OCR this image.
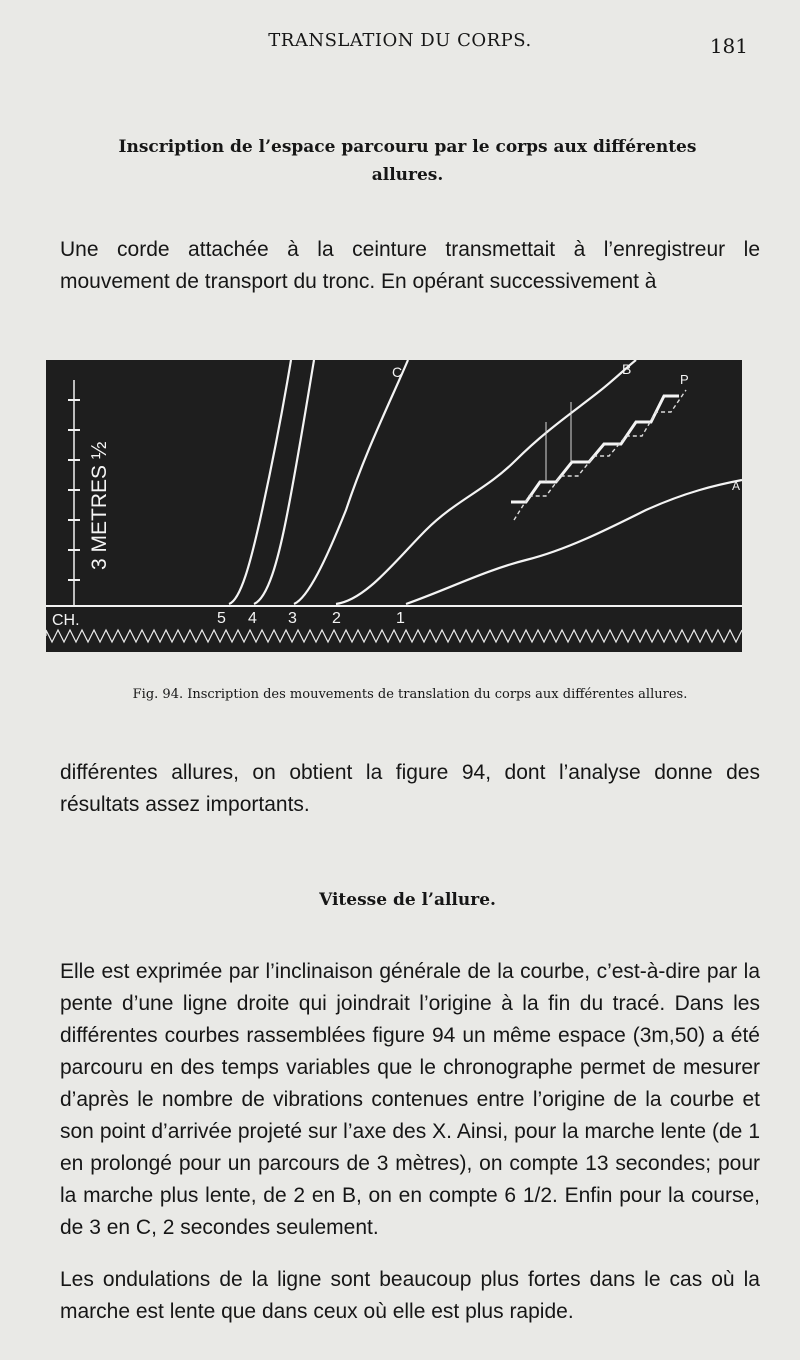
TRANSLATION DU CORPS.	181
Inscription de l’espace parcouru par le corps aux différentes
allures.
Une corde attachée à la ceinture transmettait à l’enregistreur le mouvement de transport du tronc. En opérant successivement à
3 METRES ½
CH.	5 4 3 2	1
C	B
P
A
Fig. 94. Inscription des mouvements de translation du corps aux différentes allures.
différentes allures, on obtient la figure 94, dont l’analyse donne des résultats assez importants.
Vitesse de l’allure.
Elle est exprimée par l’inclinaison générale de la courbe, c’est-à-dire par la pente d’une ligne droite qui joindrait l’origine à la fin du tracé. Dans les différentes courbes rassemblées figure 94 un même espace (3m,50) a été parcouru en des temps variables que le chronographe permet de mesurer d’après le nombre de vibrations contenues entre l’origine de la courbe et son point d’arrivée projeté sur l’axe des X. Ainsi, pour la marche lente (de 1 en prolongé pour un parcours de 3 mètres), on compte 13 secondes; pour la marche plus lente, de 2 en B, on en compte 6 1/2. Enfin pour la course, de 3 en C, 2 secondes seulement.
Les ondulations de la ligne sont beaucoup plus fortes dans le cas où la marche est lente que dans ceux où elle est plus rapide.
